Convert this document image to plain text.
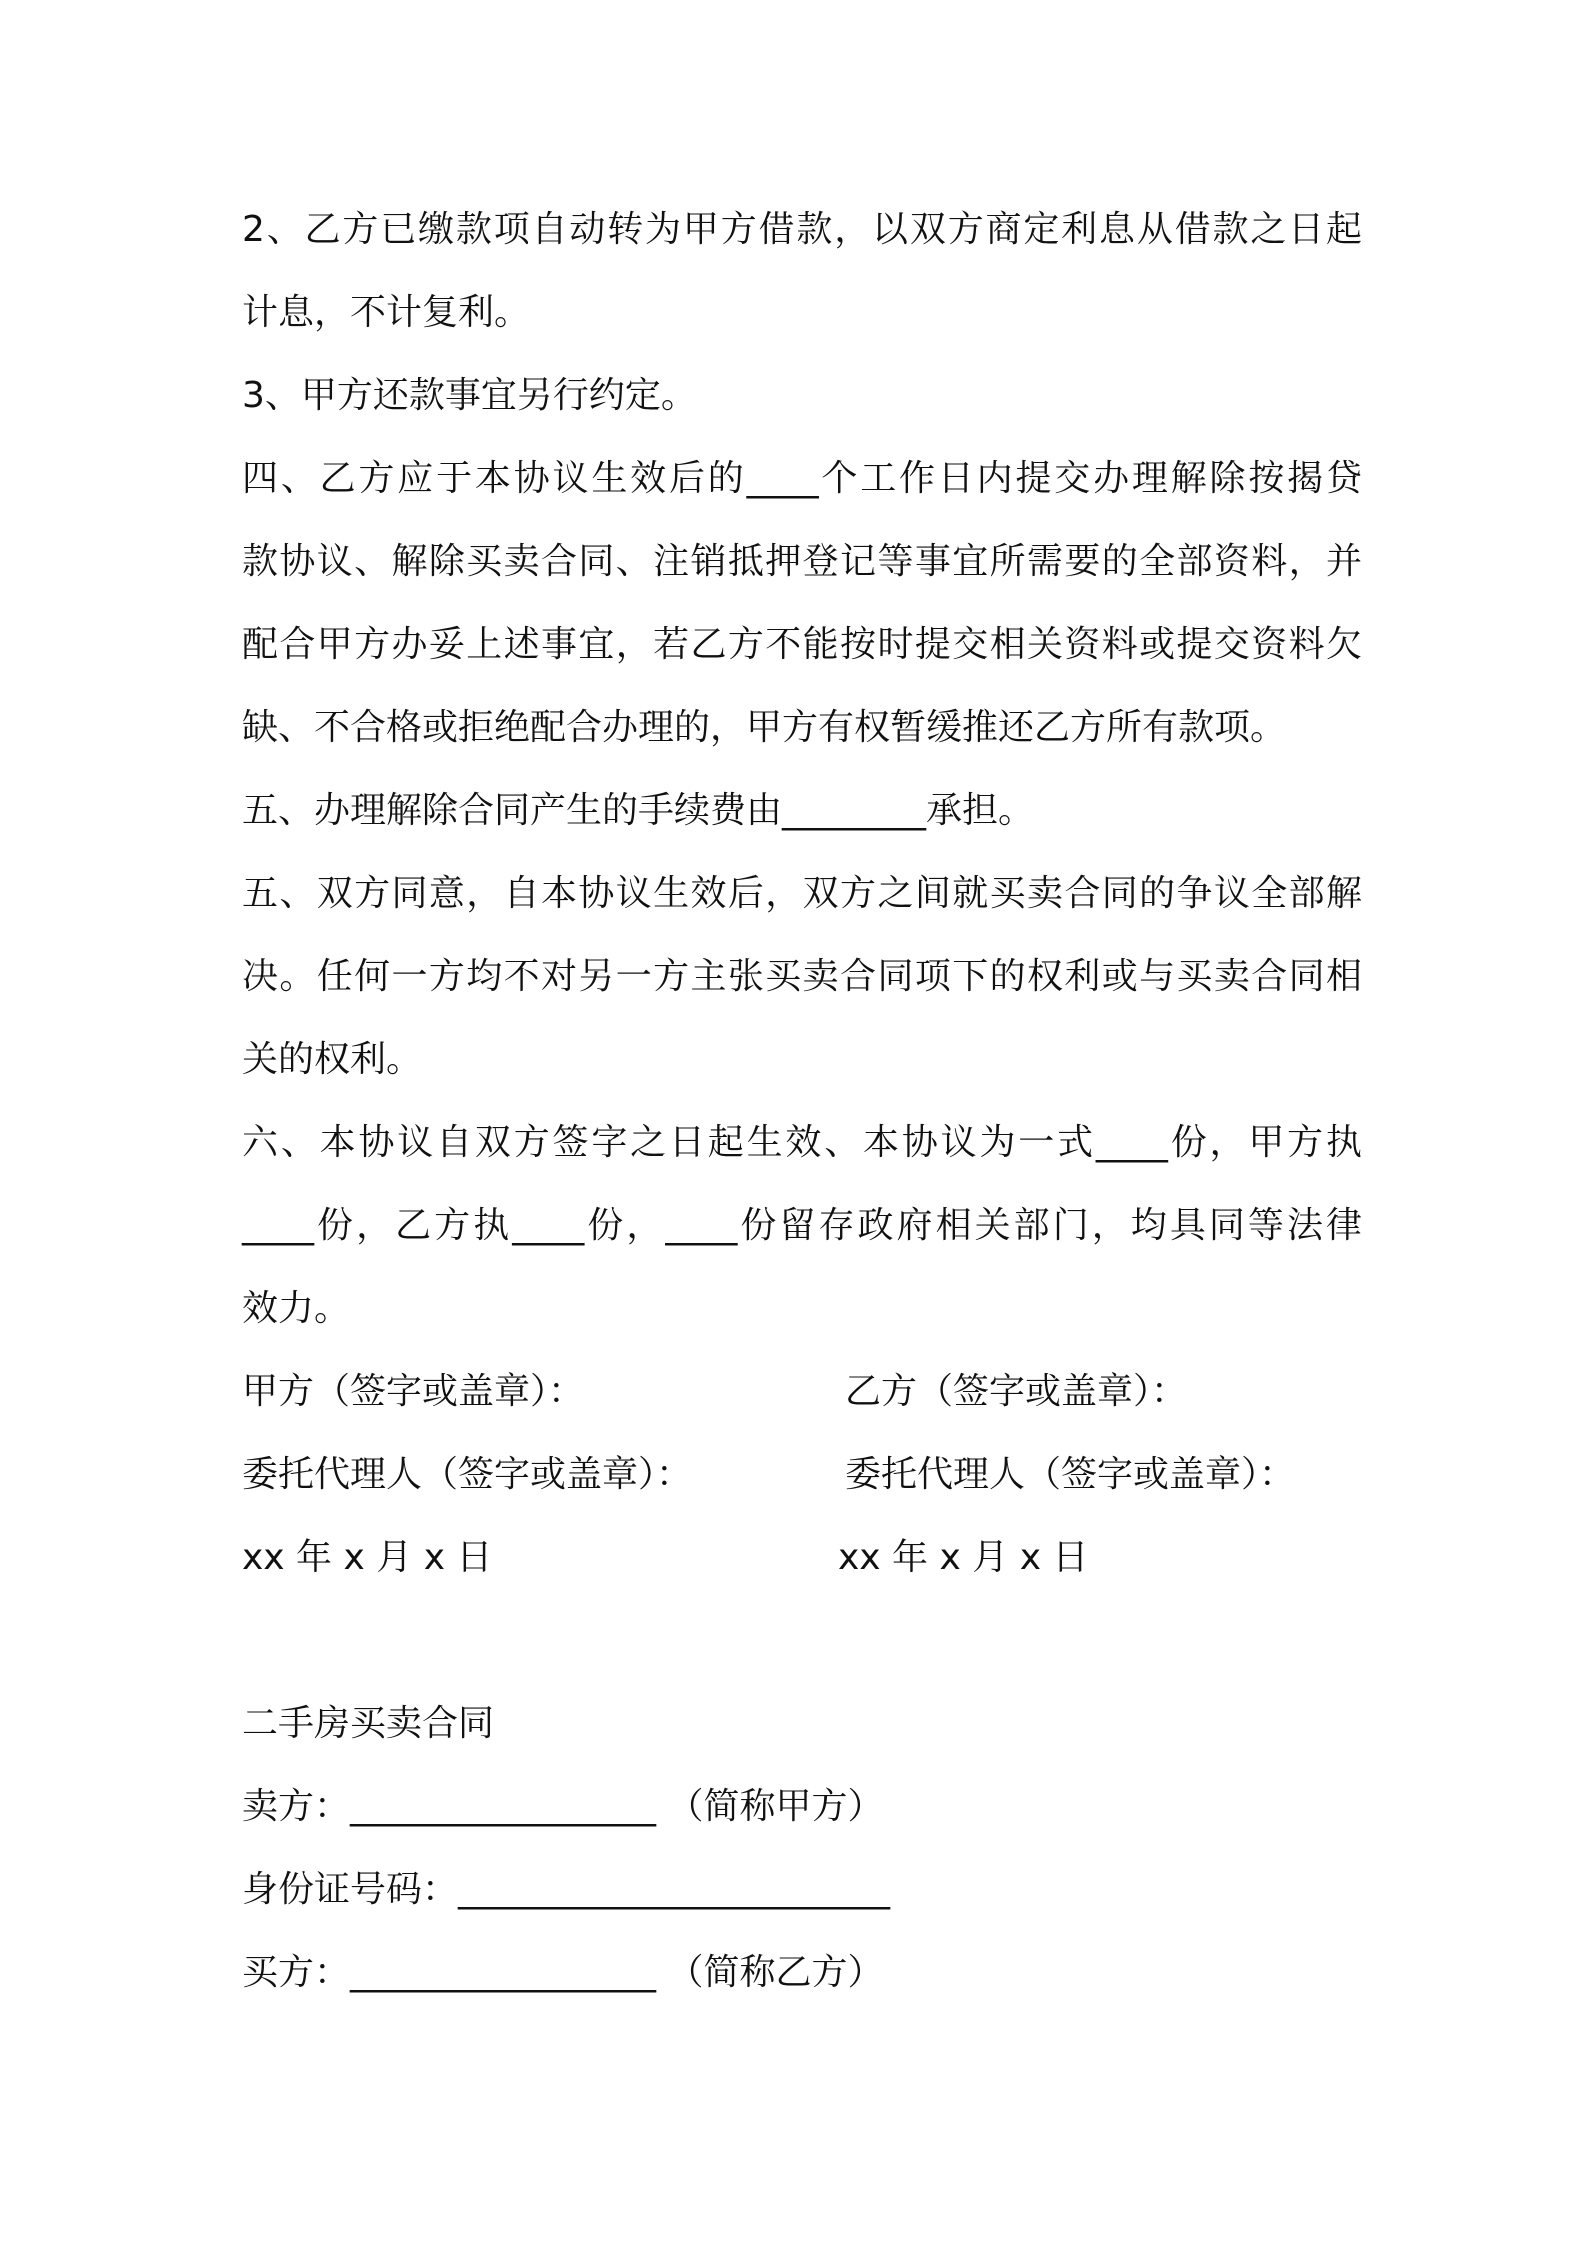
2、乙方已缴款项自动转为甲方借款，以双方商定利息从借款之日起
计息，不计复利。
3、甲方还款事宜另行约定。
四、乙方应于本协议生效后的____个工作日内提交办理解除按揭贷
款协议、解除买卖合同、注销抵押登记等事宜所需要的全部资料，并
配合甲方办妥上述事宜，若乙方不能按时提交相关资料或提交资料欠
缺、不合格或拒绝配合办理的，甲方有权暂缓推还乙方所有款项。
五、办理解除合同产生的手续费由________承担。
五、双方同意，自本协议生效后，双方之间就买卖合同的争议全部解
决。任何一方均不对另一方主张买卖合同项下的权利或与买卖合同相
关的权利。
六、本协议自双方签字之日起生效、本协议为一式____份，甲方执
____份，乙方执____份，____份留存政府相关部门，均具同等法律
效力。
甲方（签字或盖章）：	乙方（签字或盖章）：
委托代理人（签字或盖章）：	委托代理人（签字或盖章）：
xx 年 x 月 x 日	xx 年 x 月 x 日
二手房买卖合同
卖方：_________________ （简称甲方）
身份证号码：________________________
买方：_________________ （简称乙方）
